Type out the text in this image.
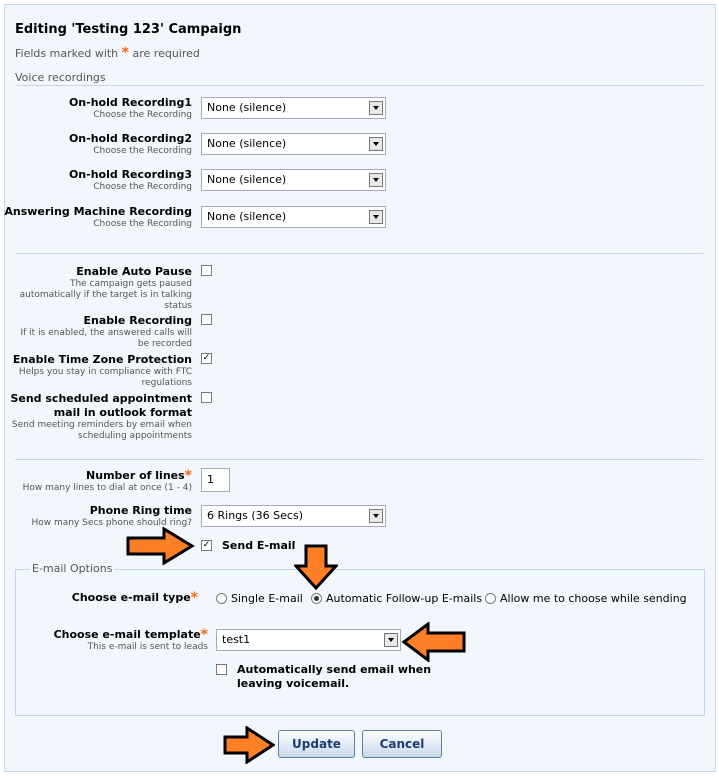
Editing 'Testing 123' Campaign
Fields marked with * are required
Voice recordings
On-hold Recording1
Choose the Recording
None (silence)
On-hold Recording2
Choose the Recording
None (silence)
On-hold Recording3
Choose the Recording
None (silence)
Answering Machine Recording
Choose the Recording
None (silence)
Enable Auto Pause
The campaign gets paused
automatically if the target is in talking
status
Enable Recording
If it is enabled, the answered calls will
be recorded
Enable Time Zone Protection
Helps you stay in compliance with FTC
regulations
✓
Send scheduled appointment
mail in outlook format
Send meeting reminders by email when
scheduling appointments
Number of lines*
How many lines to dial at once (1 - 4)
1
Phone Ring time
How many Secs phone should ring?
6 Rings (36 Secs)
✓ Send E-mail
E-mail Options
Choose e-mail type*	Single E-mail Automatic Follow-up E-mails Allow me to choose while sending
Choose e-mail template*
This e-mail is sent to leads
test1
Automatically send email when
leaving voicemail.
Update	Cancel
